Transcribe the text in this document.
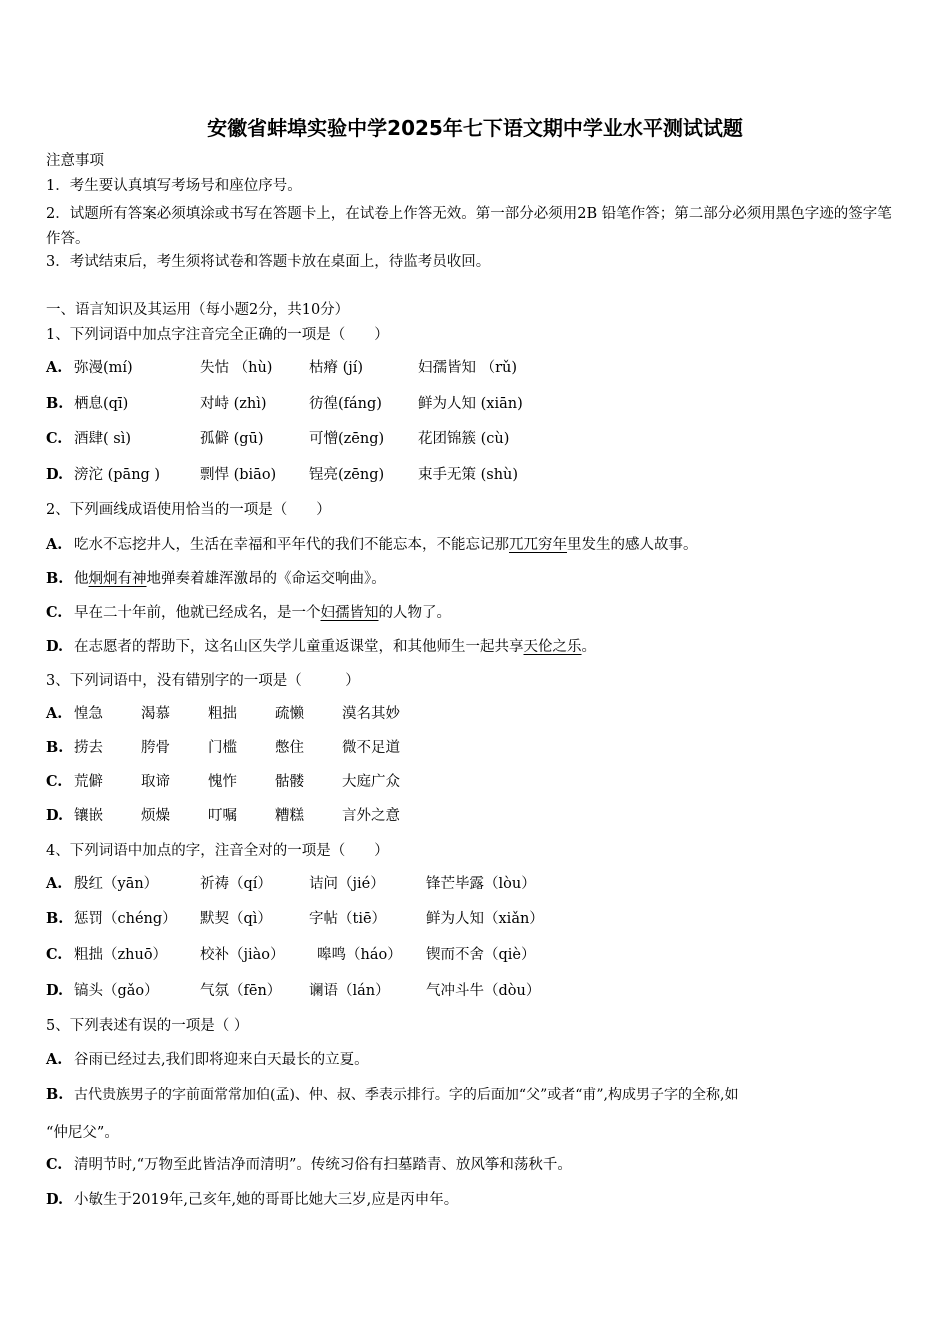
安徽省蚌埠实验中学2025年七下语文期中学业水平测试试题
注意事项
1．考生要认真填写考场号和座位序号。
2．试题所有答案必须填涂或书写在答题卡上，在试卷上作答无效。第一部分必须用2B 铅笔作答；第二部分必须用黑色字迹的签字笔作答。
3．考试结束后，考生须将试卷和答题卡放在桌面上，待监考员收回。
一、语言知识及其运用（每小题2分，共10分）
1、下列词语中加点字注音完全正确的一项是（　　）
A. 弥漫(mí)	失怙 （hù)	枯瘠 (jí)	妇孺皆知 （rǔ)
B. 栖息(qī)	对峙 (zhì)	彷徨(fáng) 鲜为人知 (xiān)
C. 酒肆( sì)	孤僻 (gū)	可憎(zēng) 花团锦簇 (cù)
D. 滂沱 (pāng )	剽悍 (biāo) 锃亮(zēng) 束手无策 (shù)
2、下列画线成语使用恰当的一项是（　　）
A. 吃水不忘挖井人，生活在幸福和平年代的我们不能忘本，不能忘记那兀兀穷年里发生的感人故事。
B. 他炯炯有神地弹奏着雄浑激昂的《命运交响曲》。
C. 早在二十年前，他就已经成名，是一个妇孺皆知的人物了。
D. 在志愿者的帮助下，这名山区失学儿童重返课堂，和其他师生一起共享天伦之乐。
3、下列词语中，没有错别字的一项是（　　　）
A. 惶急	渴慕	粗拙	疏懒	漠名其妙
B. 捞去	胯骨	门槛	憋住	微不足道
C. 荒僻	取谛	愧怍	骷髅	大庭广众
D. 镶嵌	烦燥	叮嘱	糟糕	言外之意
4、下列词语中加点的字，注音全对的一项是（　　）
A. 殷红（yān）	祈祷（qí）	诘问（jié）	锋芒毕露（lòu）
B. 惩罚（chéng） 默契（qì）	字帖（tiē）	鲜为人知（xiǎn）
C. 粗拙（zhuō） 校补（jiào） 嗥鸣（háo） 锲而不舍（qiè）
D. 镐头（gǎo）	气氛（fēn） 谰语（lán）	气冲斗牛（dòu）
5、下列表述有误的一项是（ ）
A. 谷雨已经过去,我们即将迎来白天最长的立夏。
B. 古代贵族男子的字前面常常加伯(孟)、仲、叔、季表示排行。字的后面加“父”或者“甫”,构成男子字的全称,如
“仲尼父”。
C. 清明节时,“万物至此皆洁净而清明”。传统习俗有扫墓踏青、放风筝和荡秋千。
D. 小敏生于2019年,己亥年,她的哥哥比她大三岁,应是丙申年。
